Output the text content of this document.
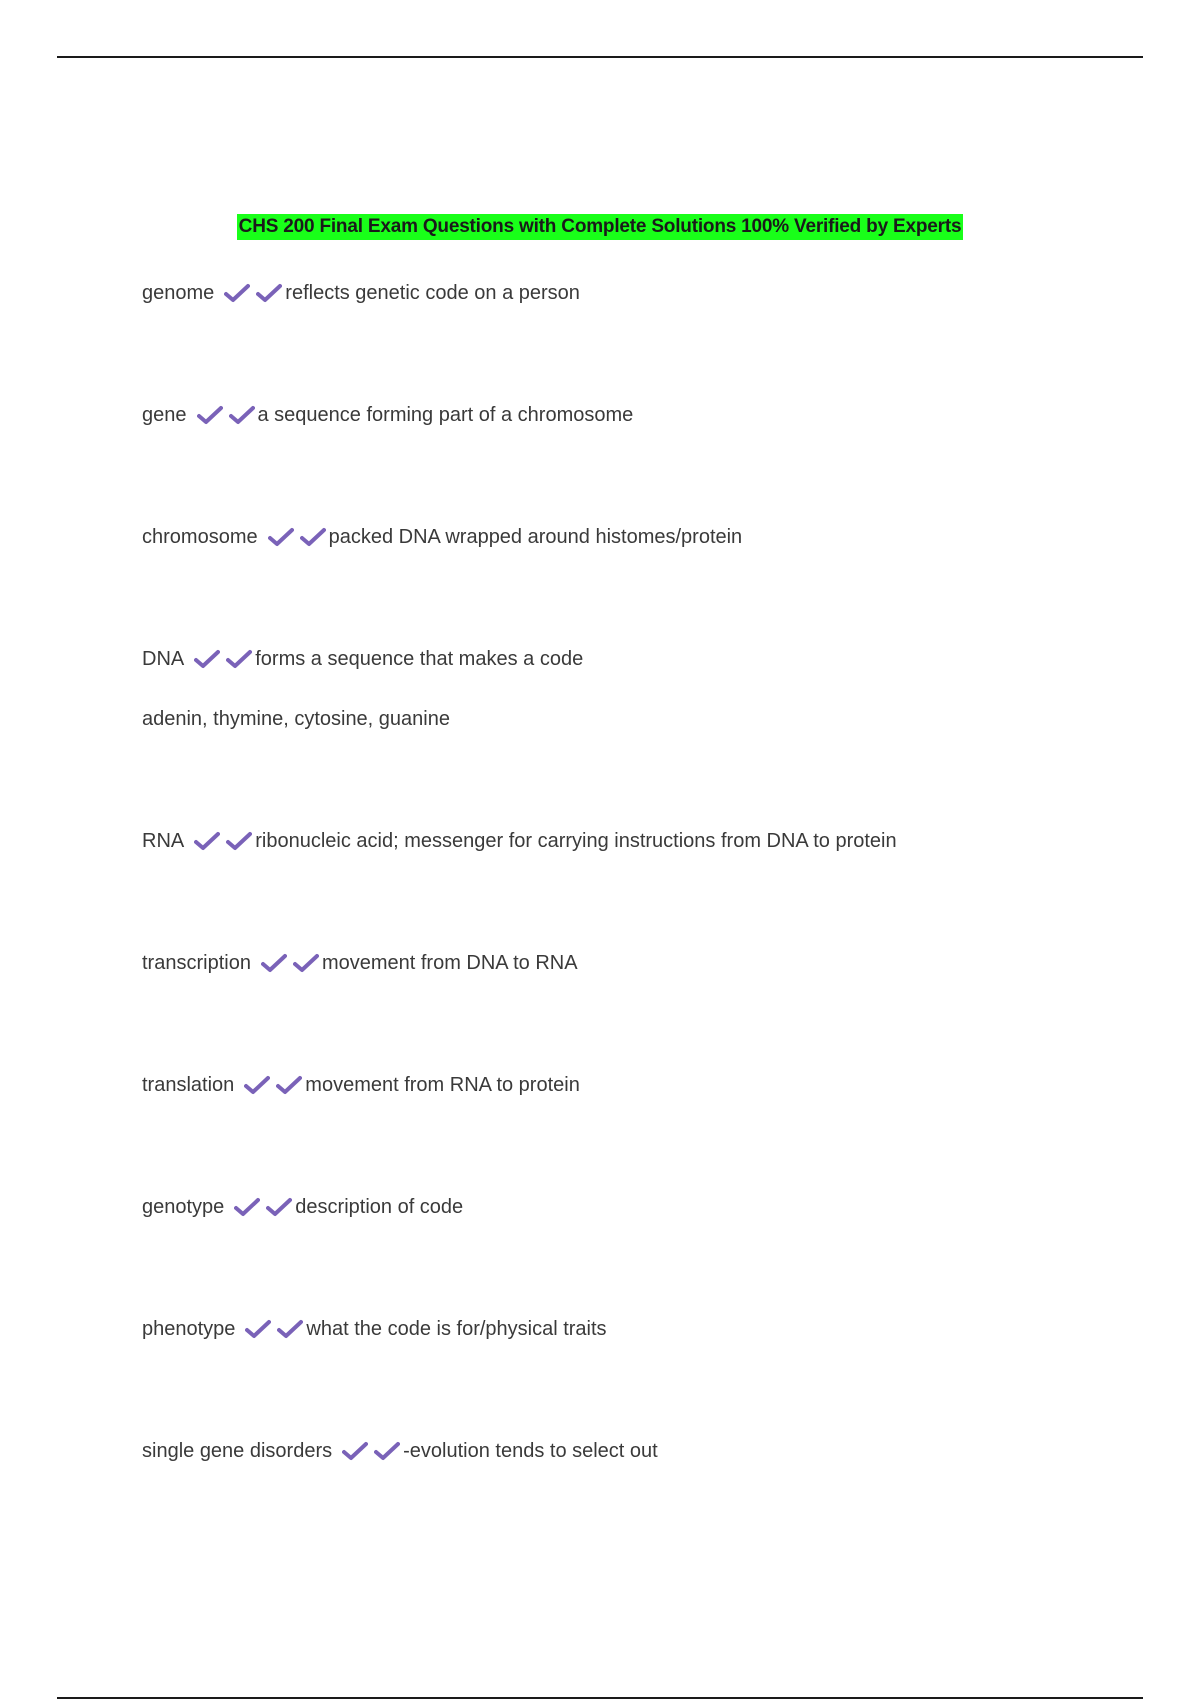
CHS 200 Final Exam Questions with Complete Solutions 100% Verified by Experts
genome	reflects genetic code on a person
gene	a sequence forming part of a chromosome
chromosome	packed DNA wrapped around histomes/protein
DNA	forms a sequence that makes a code
adenin, thymine, cytosine, guanine
RNA	ribonucleic acid; messenger for carrying instructions from DNA to protein
transcription	movement from DNA to RNA
translation	movement from RNA to protein
genotype	description of code
phenotype	what the code is for/physical traits
single gene disorders	-evolution tends to select out
